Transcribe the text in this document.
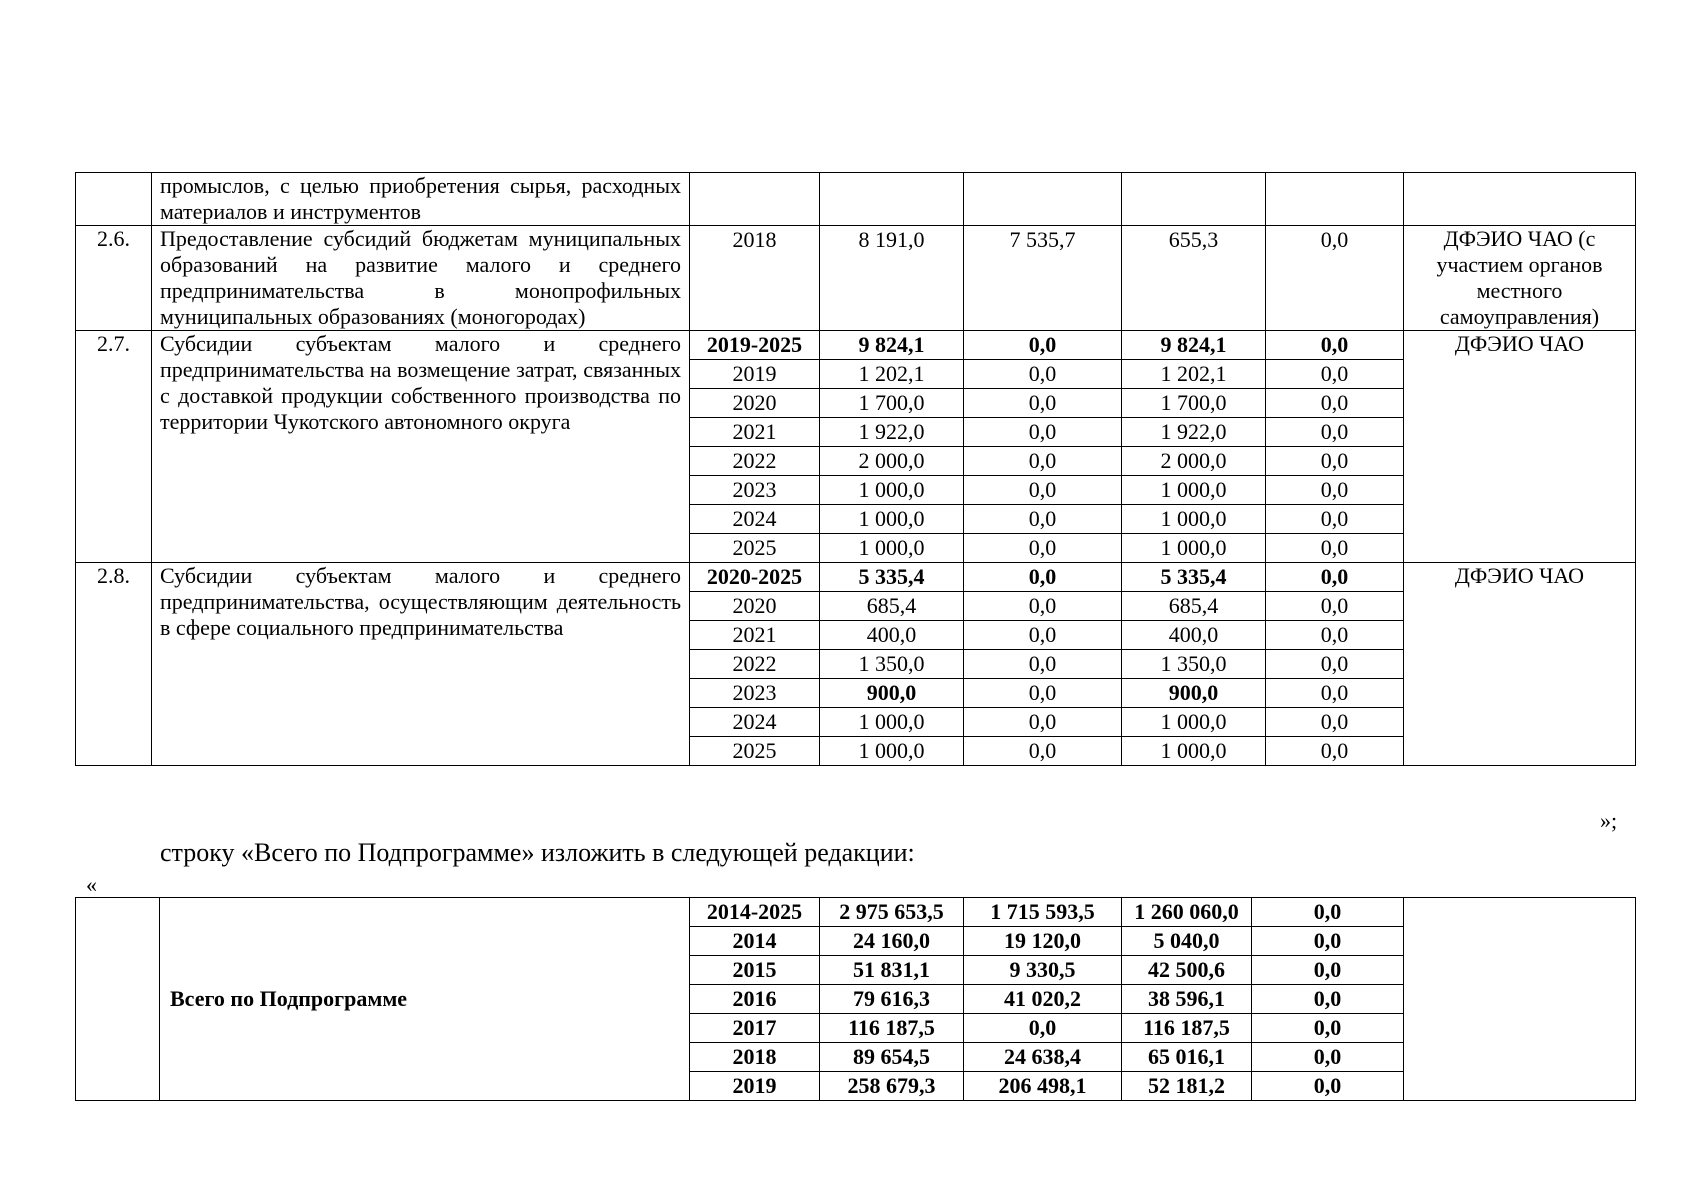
	промыслов, с целью приобретения сырья, расходных материалов и инструментов						
2.6.	Предоставление субсидий бюджетам муниципальных образований на развитие малого и среднего предпринимательства в монопрофильных муниципальных образованиях (моногородах)	2018	8 191,0	7 535,7	655,3	0,0	ДФЭИО ЧАО (с участием органов местного самоуправления)
2.7.	Субсидии субъектам малого и среднего предпринимательства на возмещение затрат, связанных с доставкой продукции собственного производства по территории Чукотского автономного округа	2019-2025	9 824,1	0,0	9 824,1	0,0	ДФЭИО ЧАО
		2019	1 202,1	0,0	1 202,1	0,0	
		2020	1 700,0	0,0	1 700,0	0,0	
		2021	1 922,0	0,0	1 922,0	0,0	
		2022	2 000,0	0,0	2 000,0	0,0	
		2023	1 000,0	0,0	1 000,0	0,0	
		2024	1 000,0	0,0	1 000,0	0,0	
		2025	1 000,0	0,0	1 000,0	0,0	
2.8.	Субсидии субъектам малого и среднего предпринимательства, осуществляющим деятельность в сфере социального предпринимательства	2020-2025	5 335,4	0,0	5 335,4	0,0	ДФЭИО ЧАО
		2020	685,4	0,0	685,4	0,0	
		2021	400,0	0,0	400,0	0,0	
		2022	1 350,0	0,0	1 350,0	0,0	
		2023	900,0	0,0	900,0	0,0	
		2024	1 000,0	0,0	1 000,0	0,0	
		2025	1 000,0	0,0	1 000,0	0,0	
»;
строку «Всего по Подпрограмме» изложить в следующей редакции:
«
	Всего по Подпрограмме	2014-2025	2 975 653,5	1 715 593,5	1 260 060,0	0,0	
		2014	24 160,0	19 120,0	5 040,0	0,0	
		2015	51 831,1	9 330,5	42 500,6	0,0	
		2016	79 616,3	41 020,2	38 596,1	0,0	
		2017	116 187,5	0,0	116 187,5	0,0	
		2018	89 654,5	24 638,4	65 016,1	0,0	
		2019	258 679,3	206 498,1	52 181,2	0,0	
